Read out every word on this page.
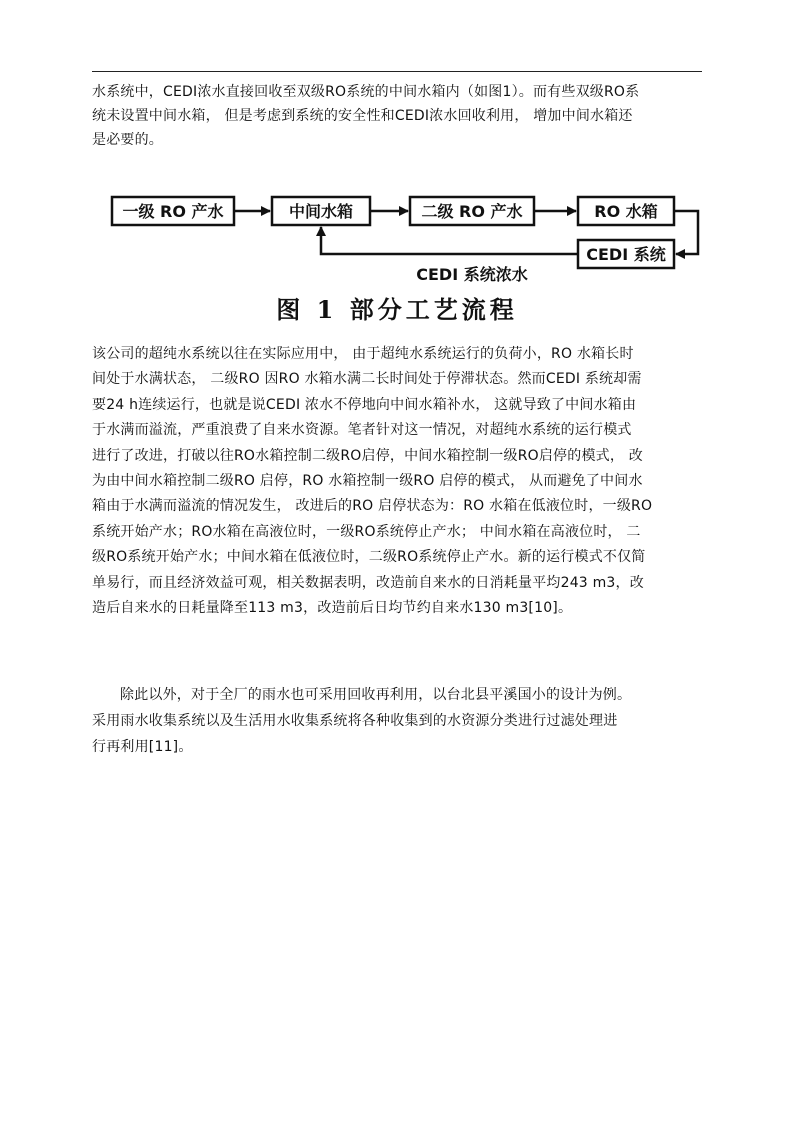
水系统中，CEDI浓水直接回收至双级RO系统的中间水箱内（如图1）。而有些双级RO系
统未设置中间水箱， 但是考虑到系统的安全性和CEDI浓水回收利用， 增加中间水箱还
是必要的。
一级 RO 产水	中间水箱	二级 RO 产水	RO 水箱
CEDI 系统
CEDI 系统浓水
图 1 部分工艺流程
该公司的超纯水系统以往在实际应用中， 由于超纯水系统运行的负荷小，RO 水箱长时
间处于水满状态， 二级RO 因RO 水箱水满二长时间处于停滞状态。然而CEDI 系统却需
要24 h连续运行，也就是说CEDI 浓水不停地向中间水箱补水， 这就导致了中间水箱由
于水满而溢流，严重浪费了自来水资源。笔者针对这一情况，对超纯水系统的运行模式
进行了改进，打破以往RO水箱控制二级RO启停，中间水箱控制一级RO启停的模式， 改
为由中间水箱控制二级RO 启停，RO 水箱控制一级RO 启停的模式， 从而避免了中间水
箱由于水满而溢流的情况发生， 改进后的RO 启停状态为：RO 水箱在低液位时，一级RO
系统开始产水；RO水箱在高液位时，一级RO系统停止产水； 中间水箱在高液位时， 二
级RO系统开始产水；中间水箱在低液位时，二级RO系统停止产水。新的运行模式不仅简
单易行，而且经济效益可观，相关数据表明，改造前自来水的日消耗量平均243 m3，改
造后自来水的日耗量降至113 m3，改造前后日均节约自来水130 m3[10]。
除此以外，对于全厂的雨水也可采用回收再利用，以台北县平溪国小的设计为例。
采用雨水收集系统以及生活用水收集系统将各种收集到的水资源分类进行过滤处理进
行再利用[11]。
